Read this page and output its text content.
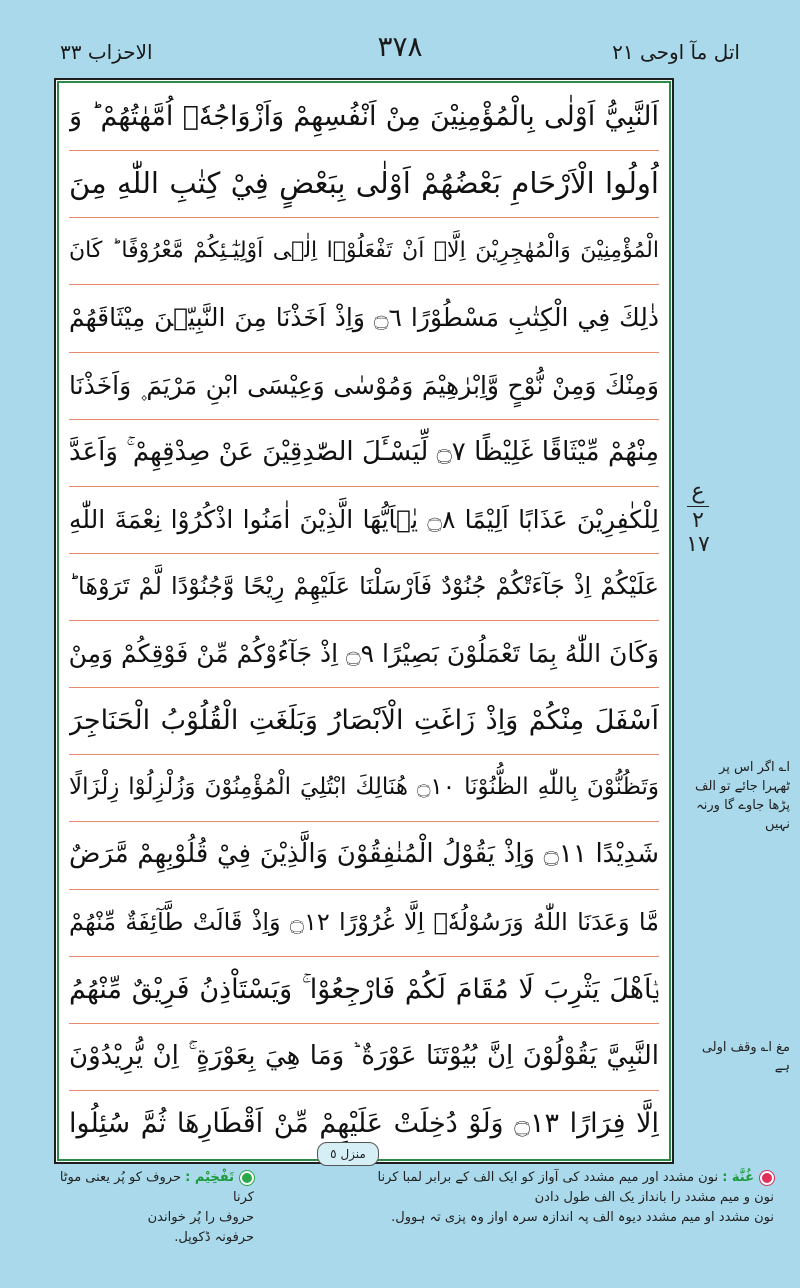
اتل مآ اوحی ٢١
٣٧٨
الاحزاب ٣٣
اَلنَّبِيُّ اَوْلٰى بِالْمُؤْمِنِيْنَ مِنْ اَنْفُسِهِمْ وَاَزْوَاجُهٗۤ اُمَّهٰتُهُمْ ؕ وَ
اُولُوا الْاَرْحَامِ بَعْضُهُمْ اَوْلٰى بِبَعْضٍ فِيْ كِتٰبِ اللّٰهِ مِنَ
الْمُؤْمِنِيْنَ وَالْمُهٰجِرِيْنَ اِلَّاۤ اَنْ تَفْعَلُوْۤا اِلٰۤى اَوْلِيٰٓـئِكُمْ مَّعْرُوْفًا ؕ كَانَ
ذٰلِكَ فِي الْكِتٰبِ مَسْطُوْرًا ۝٦ وَاِذْ اَخَذْنَا مِنَ النَّبِيّٖنَ مِيْثَاقَهُمْ
وَمِنْكَ وَمِنْ نُّوْحٍ وَّاِبْرٰهِيْمَ وَمُوْسٰى وَعِيْسَى ابْنِ مَرْيَمَ ۪ وَاَخَذْنَا
مِنْهُمْ مِّيْثَاقًا غَلِيْظًا ۝٧ لِّيَسْـَٔلَ الصّٰدِقِيْنَ عَنْ صِدْقِهِمْ ۚ وَاَعَدَّ
لِلْكٰفِرِيْنَ عَذَابًا اَلِيْمًا ۝٨ يٰۤاَيُّهَا الَّذِيْنَ اٰمَنُوا اذْكُرُوْا نِعْمَةَ اللّٰهِ
عَلَيْكُمْ اِذْ جَآءَتْكُمْ جُنُوْدٌ فَاَرْسَلْنَا عَلَيْهِمْ رِيْحًا وَّجُنُوْدًا لَّمْ تَرَوْهَا ؕ
وَكَانَ اللّٰهُ بِمَا تَعْمَلُوْنَ بَصِيْرًا ۝٩ اِذْ جَآءُوْكُمْ مِّنْ فَوْقِكُمْ وَمِنْ
اَسْفَلَ مِنْكُمْ وَاِذْ زَاغَتِ الْاَبْصَارُ وَبَلَغَتِ الْقُلُوْبُ الْحَنَاجِرَ
وَتَظُنُّوْنَ بِاللّٰهِ الظُّنُوْنَا ۝١٠ هُنَالِكَ ابْتُلِيَ الْمُؤْمِنُوْنَ وَزُلْزِلُوْا زِلْزَالًا
شَدِيْدًا ۝١١ وَاِذْ يَقُوْلُ الْمُنٰفِقُوْنَ وَالَّذِيْنَ فِيْ قُلُوْبِهِمْ مَّرَضٌ
مَّا وَعَدَنَا اللّٰهُ وَرَسُوْلُهٗۤ اِلَّا غُرُوْرًا ۝١٢ وَاِذْ قَالَتْ طَّآئِفَةٌ مِّنْهُمْ
يٰۤاَهْلَ يَثْرِبَ لَا مُقَامَ لَكُمْ فَارْجِعُوْا ۚ وَيَسْتَاْذِنُ فَرِيْقٌ مِّنْهُمُ
النَّبِيَّ يَقُوْلُوْنَ اِنَّ بُيُوْتَنَا عَوْرَةٌ ؕۛ وَمَا هِيَ بِعَوْرَةٍ ۚۛ اِنْ يُّرِيْدُوْنَ
اِلَّا فِرَارًا ۝١٣ وَلَوْ دُخِلَتْ عَلَيْهِمْ مِّنْ اَقْطَارِهَا ثُمَّ سُئِلُوا
منزل ٥
ع
٢
١٧
ا؎ اگر اس پر ٹھہرا جائے تو الف پڑھا جاوے گا ورنہ نہیں
مغ ا؎ وقف اولی ہے
غُنَّة : نون مشدد اور میم مشدد کی آواز کو ایک الف کے برابر لمبا کرنا
نون و میم مشدد را بانداز یک الف طول دادن
نون مشدد او میم مشدد دیوہ الف پہ اندازہ سرہ اواز وہ پزی تہ ہوول.
تَفْخِيْم : حروف کو پُر یعنی موٹا کرنا
حروف را پُر خواندن
حرفونہ ڈکوپل.
